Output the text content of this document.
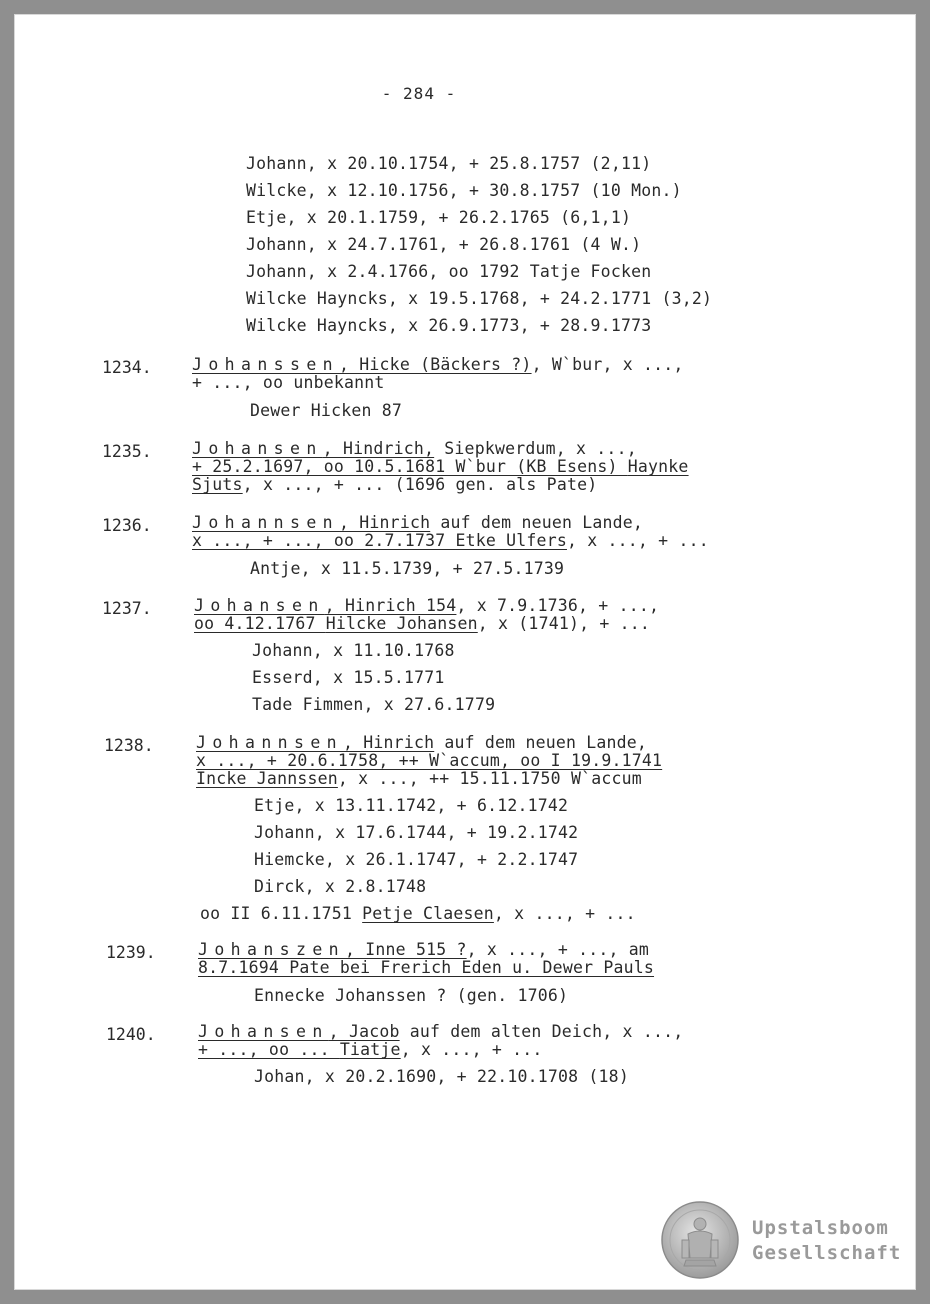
- 284 -
Johann, x 20.10.1754, + 25.8.1757 (2,11)
Wilcke, x 12.10.1756, + 30.8.1757 (10 Mon.)
Etje, x 20.1.1759, + 26.2.1765 (6,1,1)
Johann, x 24.7.1761, + 26.8.1761 (4 W.)
Johann, x 2.4.1766, oo 1792 Tatje Focken
Wilcke Hayncks, x 19.5.1768, + 24.2.1771 (3,2)
Wilcke Hayncks, x 26.9.1773, + 28.9.1773
1234. Johanssen, Hicke (Bäckers ?), W`bur, x ...,
+ ..., oo unbekannt
Dewer Hicken 87
1235. Johansen, Hindrich, Siepkwerdum, x ...,
+ 25.2.1697, oo 10.5.1681 W`bur (KB Esens) Haynke
Sjuts, x ..., + ... (1696 gen. als Pate)
1236. Johannsen, Hinrich auf dem neuen Lande,
x ..., + ..., oo 2.7.1737 Etke Ulfers, x ..., + ...
Antje, x 11.5.1739, + 27.5.1739
1237.	Johansen, Hinrich 154, x 7.9.1736, + ...,
oo 4.12.1767 Hilcke Johansen, x (1741), + ...
Johann, x 11.10.1768
Esserd, x 15.5.1771
Tade Fimmen, x 27.6.1779
1238.	Johannsen, Hinrich auf dem neuen Lande,
x ..., + 20.6.1758, ++ W`accum, oo I 19.9.1741
Incke Jannssen, x ..., ++ 15.11.1750 W`accum
Etje, x 13.11.1742, + 6.12.1742
Johann, x 17.6.1744, + 19.2.1742
Hiemcke, x 26.1.1747, + 2.2.1747
Dirck, x 2.8.1748
oo II 6.11.1751 Petje Claesen, x ..., + ...
1239.	Johanszen, Inne 515 ?, x ..., + ..., am
8.7.1694 Pate bei Frerich Eden u. Dewer Pauls
Ennecke Johanssen ? (gen. 1706)
1240.	Johansen, Jacob auf dem alten Deich, x ...,
+ ..., oo ... Tiatje, x ..., + ...
Johan, x 20.2.1690, + 22.10.1708 (18)
Upstalsboom
Gesellschaft
